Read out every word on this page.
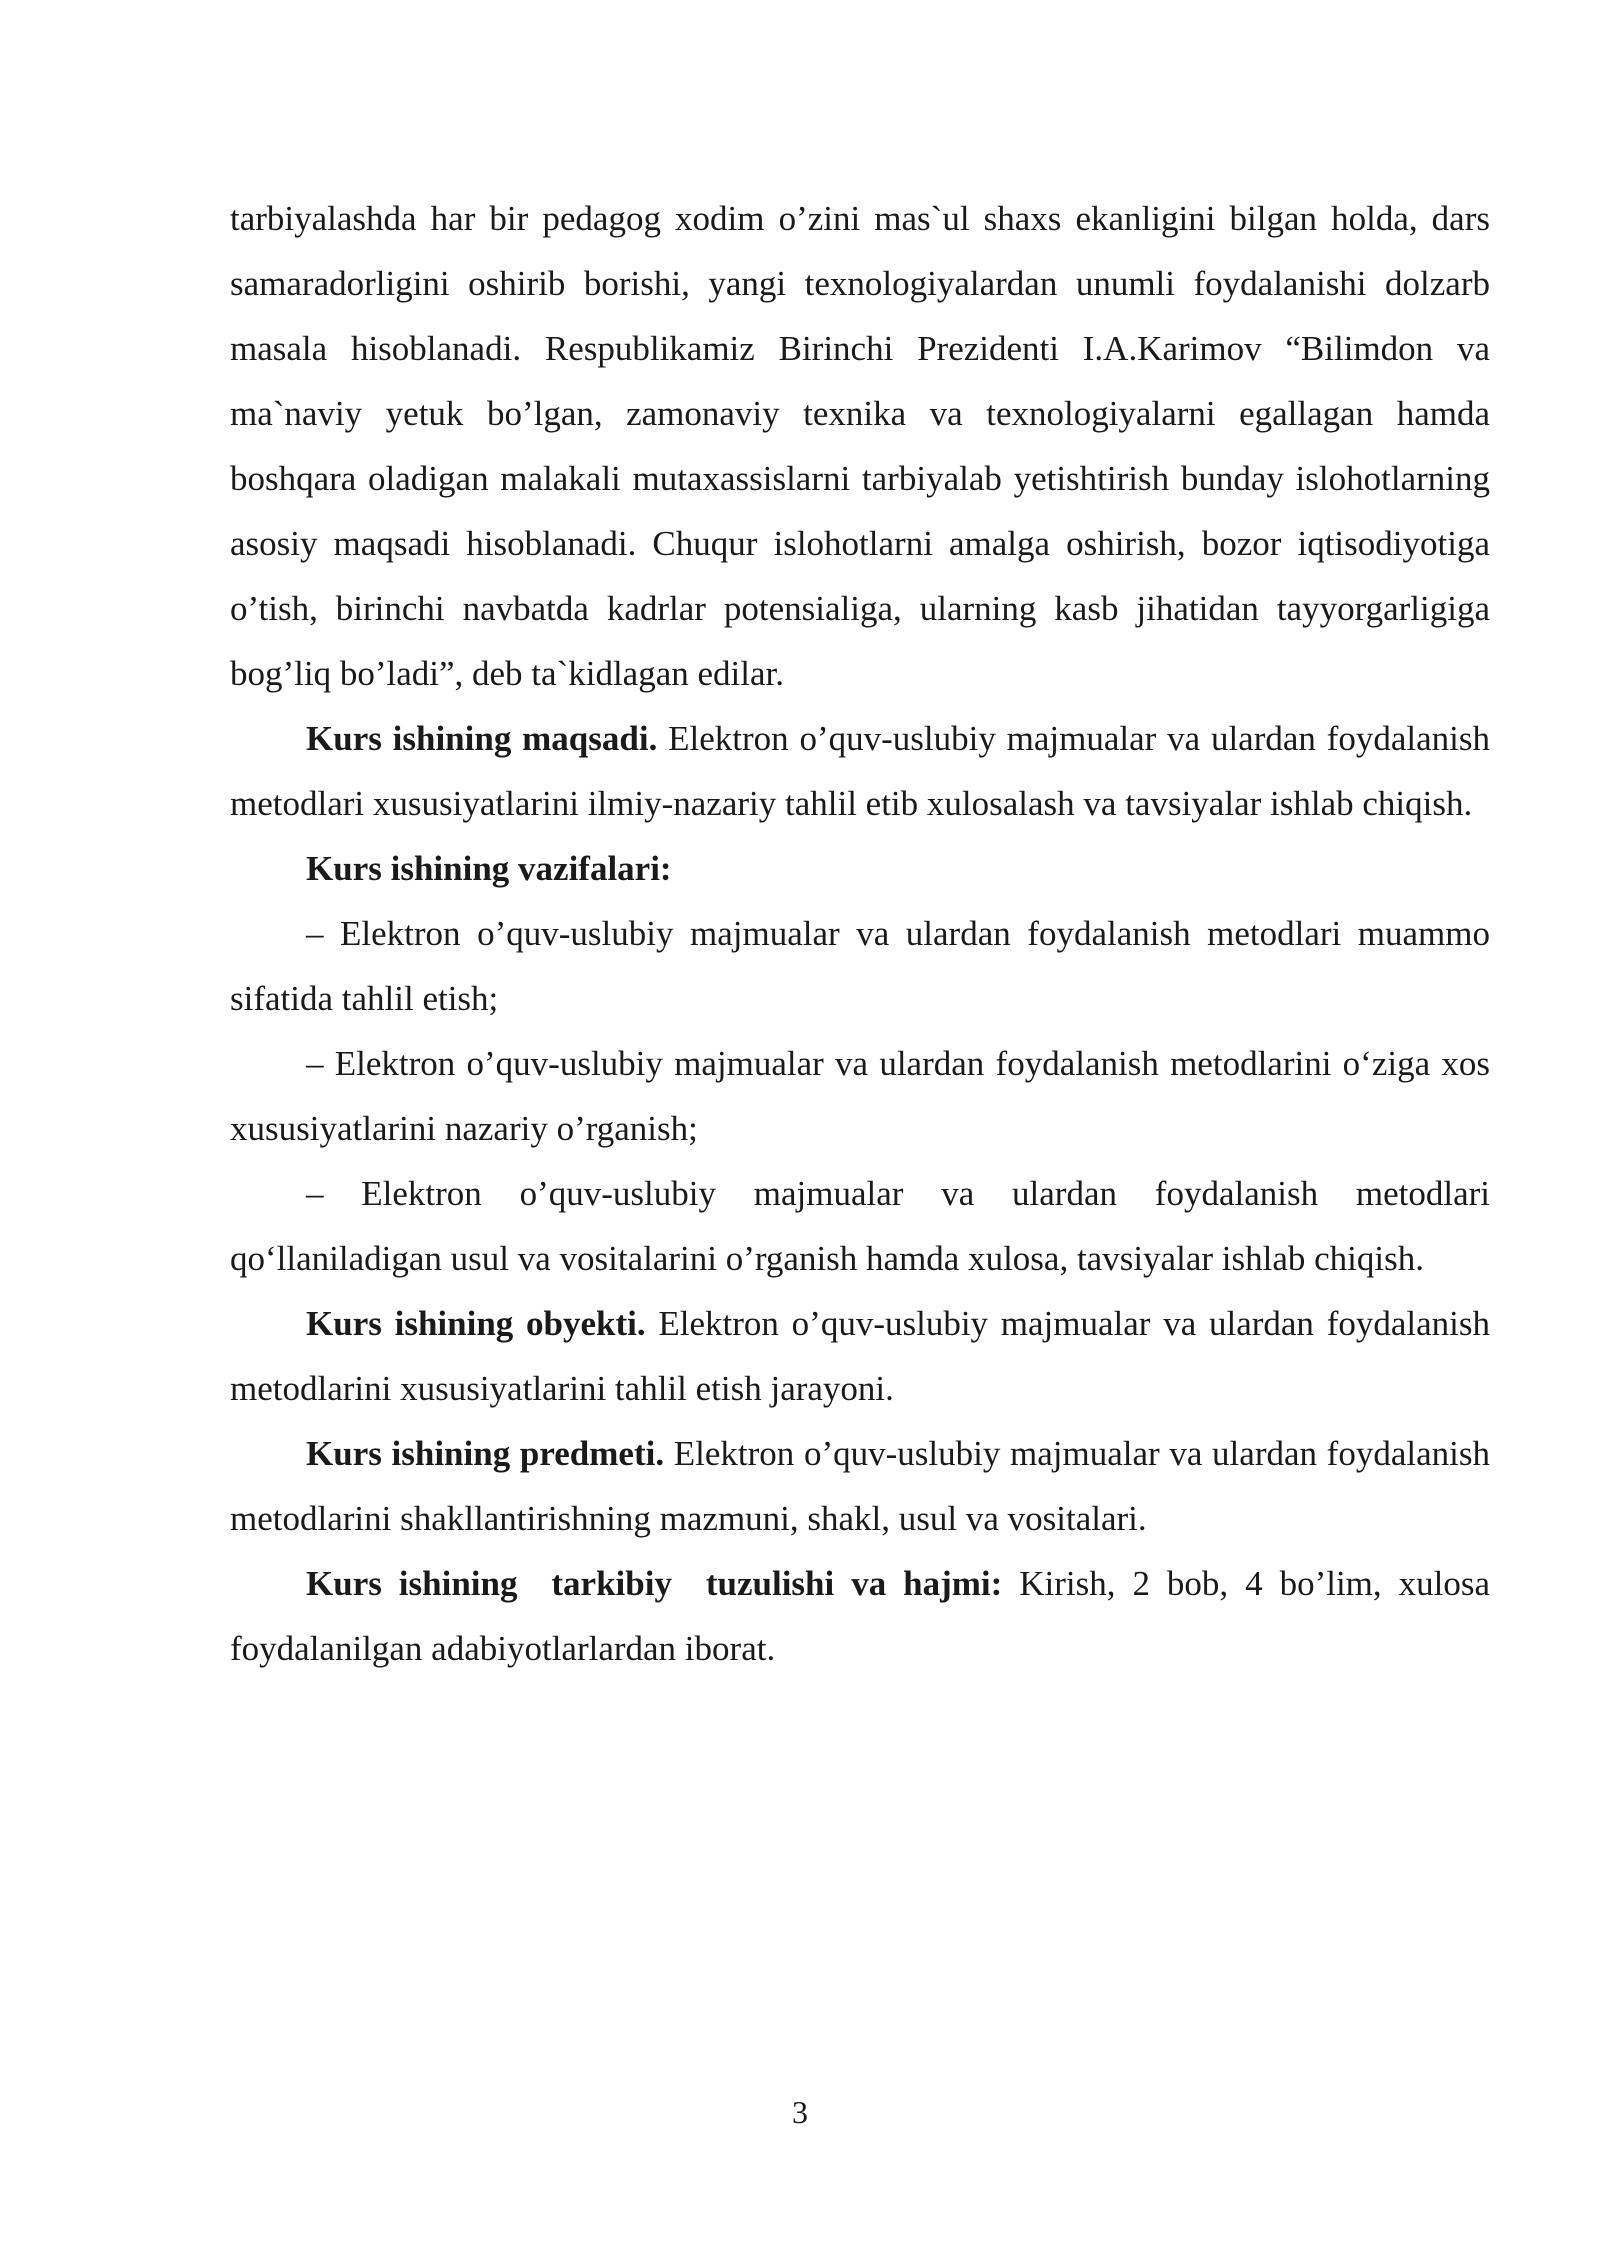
tarbiyalashda har bir pedagog xodim o’zini mas`ul shaxs ekanligini bilgan holda, dars samaradorligini oshirib borishi, yangi texnologiyalardan unumli foydalanishi dolzarb masala hisoblanadi. Respublikamiz Birinchi Prezidenti I.A.Karimov “Bilimdon va ma`naviy yetuk bo’lgan, zamonaviy texnika va texnologiyalarni egallagan hamda boshqara oladigan malakali mutaxassislarni tarbiyalab yetishtirish bunday islohotlarning asosiy maqsadi hisoblanadi. Chuqur islohotlarni amalga oshirish, bozor iqtisodiyotiga o’tish, birinchi navbatda kadrlar potensialiga, ularning kasb jihatidan tayyorgarligiga bog’liq bo’ladi”, deb ta`kidlagan edilar.

Kurs ishining maqsadi. Elektron o’quv-uslubiy majmualar va ulardan foydalanish metodlari xususiyatlarini ilmiy-nazariy tahlil etib xulosalash va tavsiyalar ishlab chiqish.

Kurs ishining vazifalari:

– Elektron o’quv-uslubiy majmualar va ulardan foydalanish metodlari muammo sifatida tahlil etish;

– Elektron o’quv-uslubiy majmualar va ulardan foydalanish metodlarini o‘ziga xos xususiyatlarini nazariy o’rganish;

– Elektron o’quv-uslubiy majmualar va ulardan foydalanish metodlari qo‘llaniladigan usul va vositalarini o’rganish hamda xulosa, tavsiyalar ishlab chiqish.

Kurs ishining obyekti. Elektron o’quv-uslubiy majmualar va ulardan foydalanish metodlarini xususiyatlarini tahlil etish jarayoni.

Kurs ishining predmeti. Elektron o’quv-uslubiy majmualar va ulardan foydalanish metodlarini shakllantirishning mazmuni, shakl, usul va vositalari.

Kurs ishining  tarkibiy  tuzulishi va hajmi: Kirish, 2 bob, 4 bo’lim, xulosa foydalanilgan adabiyotlarlardan iborat.

3
